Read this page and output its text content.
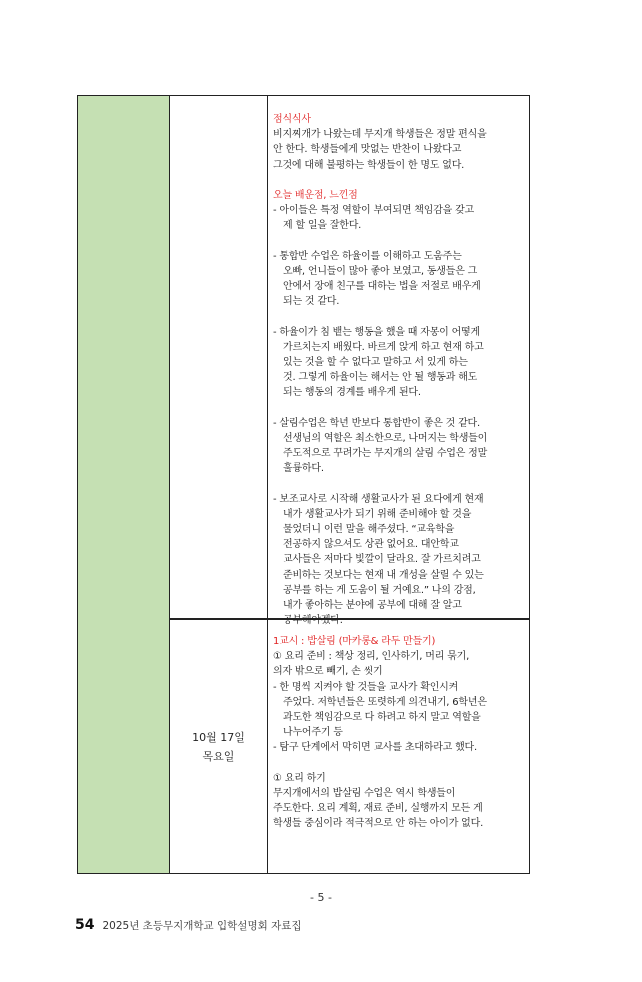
10월 17일
목요일
점식식사
비지찌개가 나왔는데 무지개 학생들은 정말 편식을
안 한다. 학생들에게 맛없는 반찬이 나왔다고
그것에 대해 불평하는 학생들이 한 명도 없다.
오늘 배운점, 느낀점
- 아이들은 특정 역할이 부여되면 책임감을 갖고
제 할 일을 잘한다.
- 통합반 수업은 하율이를 이해하고 도움주는
오빠, 언니들이 많아 좋아 보였고, 동생들은 그
안에서 장애 친구를 대하는 법을 저절로 배우게
되는 것 같다.
- 하율이가 침 뱉는 행동을 했을 때 자몽이 어떻게
가르치는지 배웠다. 바르게 앉게 하고 현재 하고
있는 것을 할 수 없다고 말하고 서 있게 하는
것. 그렇게 하율이는 해서는 안 될 행동과 해도
되는 행동의 경계를 배우게 된다.
- 살림수업은 학년 반보다 통합반이 좋은 것 같다.
선생님의 역할은 최소한으로, 나머지는 학생들이
주도적으로 꾸려가는 무지개의 살림 수업은 정말
훌륭하다.
- 보조교사로 시작해 생활교사가 된 요다에게 현재
내가 생활교사가 되기 위해 준비해야 할 것을
물었더니 이런 말을 해주셨다. “교육학을
전공하지 않으셔도 상관 없어요. 대안학교
교사들은 저마다 빛깔이 달라요. 잘 가르치려고
준비하는 것보다는 현재 내 개성을 살릴 수 있는
공부를 하는 게 도움이 될 거예요.” 나의 강점,
내가 좋아하는 분야에 공부에 대해 잘 알고
공부해야겠다.
1교시 : 밥살림 (마카롱& 라두 만들기)
① 요리 준비 : 책상 정리, 인사하기, 머리 묶기,
의자 밖으로 빼기, 손 씻기
- 한 명씩 지켜야 할 것들을 교사가 확인시켜
주었다. 저학년들은 또렷하게 의견내기, 6학년은
과도한 책임감으로 다 하려고 하지 말고 역할을
나누어주기 등
- 탐구 단계에서 막히면 교사를 초대하라고 했다.
① 요리 하기
무지개에서의 밥살림 수업은 역시 학생들이
주도한다. 요리 계획, 재료 준비, 실행까지 모든 게
학생들 중심이라 적극적으로 안 하는 아이가 없다.
- 5 -
54 2025년 초등무지개학교 입학설명회 자료집
